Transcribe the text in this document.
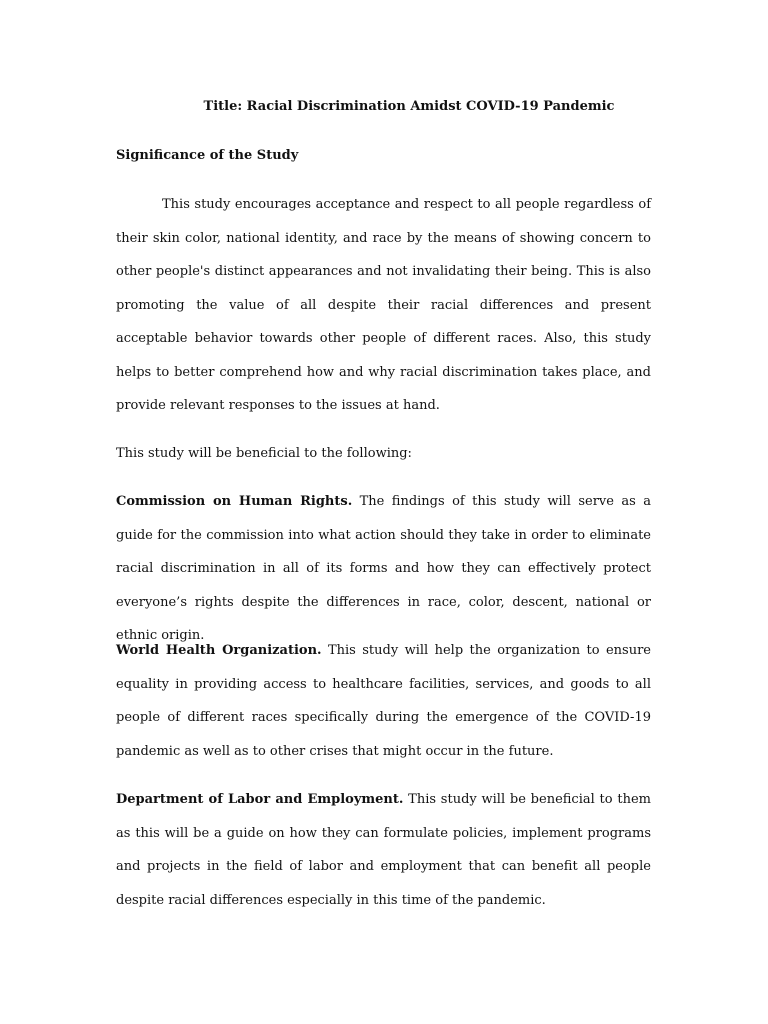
Title: Racial Discrimination Amidst COVID-19 Pandemic
Significance of the Study

This study encourages acceptance and respect to all people regardless of their skin color, national identity, and race by the means of showing concern to other people's distinct appearances and not invalidating their being. This is also promoting the value of all despite their racial differences and present acceptable behavior towards other people of different races. Also, this study helps to better comprehend how and why racial discrimination takes place, and provide relevant responses to the issues at hand.

This study will be beneficial to the following:

Commission on Human Rights. The findings of this study will serve as a guide for the commission into what action should they take in order to eliminate racial discrimination in all of its forms and how they can effectively protect everyone’s rights despite the differences in race, color, descent, national or ethnic origin.

World Health Organization. This study will help the organization to ensure equality in providing access to healthcare facilities, services, and goods to all people of different races specifically during the emergence of the COVID-19 pandemic as well as to other crises that might occur in the future.

Department of Labor and Employment. This study will be beneficial to them as this will be a guide on how they can formulate policies, implement programs and projects in the field of labor and employment that can benefit all people despite racial differences especially in this time of the pandemic.
